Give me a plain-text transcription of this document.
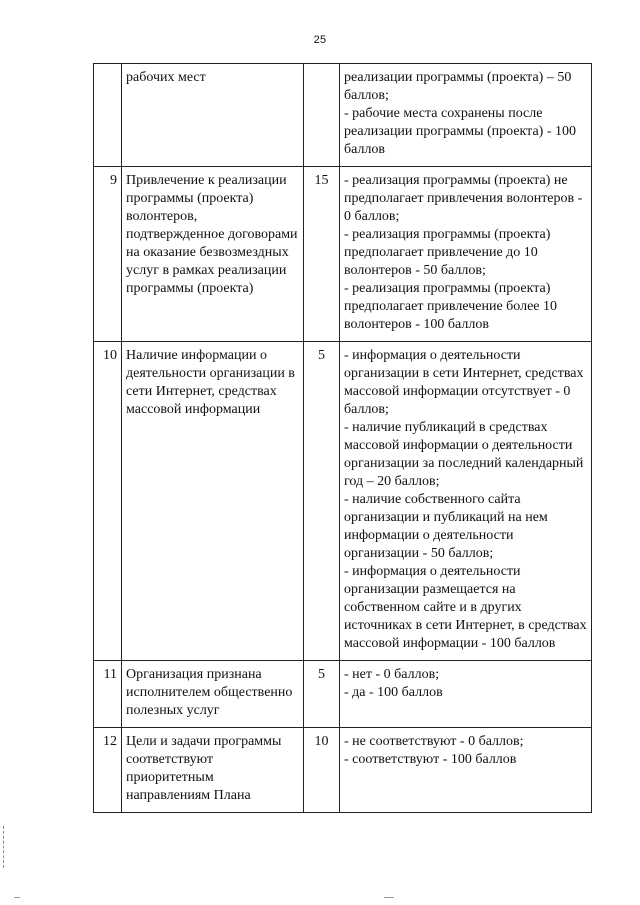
25
	рабочих мест		реализации программы (проекта) – 50 баллов;
- рабочие места сохранены после реализации программы (проекта) - 100 баллов

9	Привлечение к реализации программы (проекта) волонтеров, подтвержденное договорами на оказание безвозмездных услуг в рамках реализации программы (проекта)	15	- реализация программы (проекта) не предполагает привлечения волонтеров - 0 баллов;
- реализация программы (проекта) предполагает привлечение до 10 волонтеров - 50 баллов;
- реализация программы (проекта) предполагает привлечение более 10 волонтеров - 100 баллов

10	Наличие информации о деятельности организации в сети Интернет, средствах массовой информации	5	- информация о деятельности организации в сети Интернет, средствах массовой информации отсутствует - 0 баллов;
- наличие публикаций в средствах массовой информации о деятельности организации за последний календарный год – 20 баллов;
- наличие собственного сайта организации и публикаций на нем информации о деятельности организации - 50 баллов;
- информация о деятельности организации размещается на собственном сайте и в других источниках в сети Интернет, в средствах массовой информации - 100 баллов

11	Организация признана исполнителем общественно полезных услуг	5	- нет - 0 баллов;
- да - 100 баллов

12	Цели и задачи программы соответствуют приоритетным направлениям Плана	10	- не соответствуют - 0 баллов;
- соответствуют - 100 баллов
